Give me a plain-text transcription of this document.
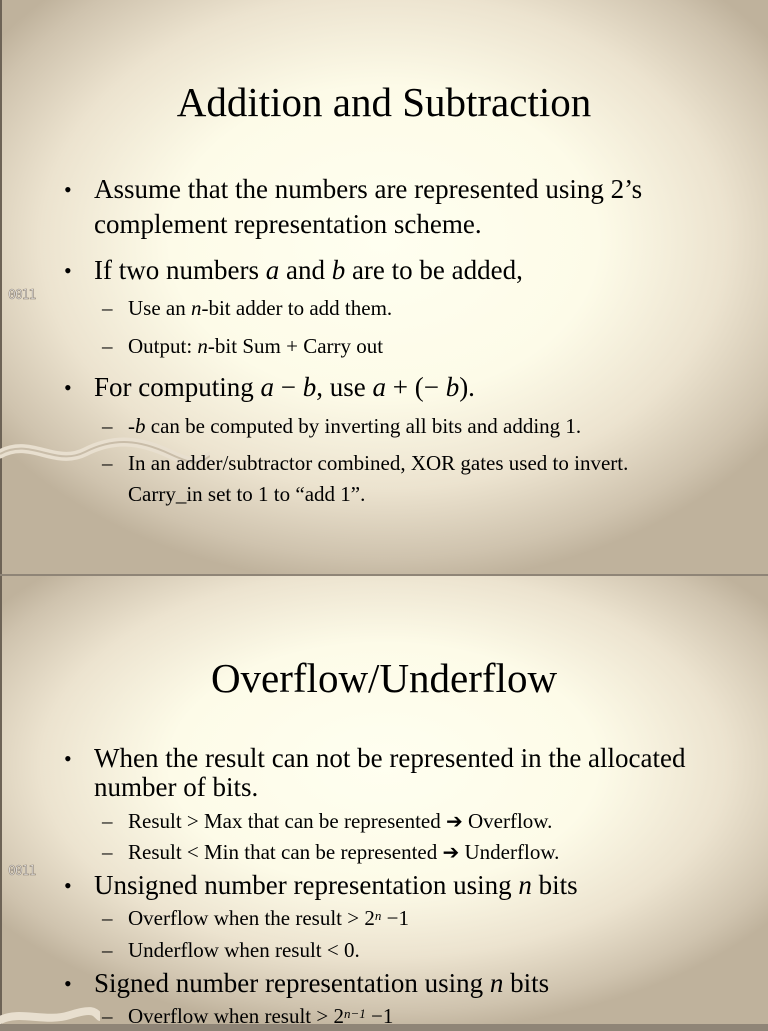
Addition and Subtraction
0011
• Assume that the numbers are represented using 2’s complement representation scheme.
• If two numbers a and b are to be added,
– Use an n-bit adder to add them.
– Output: n-bit Sum + Carry out
• For computing a − b, use a + (− b).
– -b can be computed by inverting all bits and adding 1.
– In an adder/subtractor combined, XOR gates used to invert. Carry_in set to 1 to “add 1”.
Overflow/Underflow
0011
• When the result can not be represented in the allocated number of bits.
– Result > Max that can be represented ➔ Overflow.
– Result < Min that can be represented ➔ Underflow.
• Unsigned number representation using n bits
– Overflow when the result > $2^n -1$
– Underflow when result < 0.
• Signed number representation using n bits
– Overflow when result > $2^{n-1} -1$
